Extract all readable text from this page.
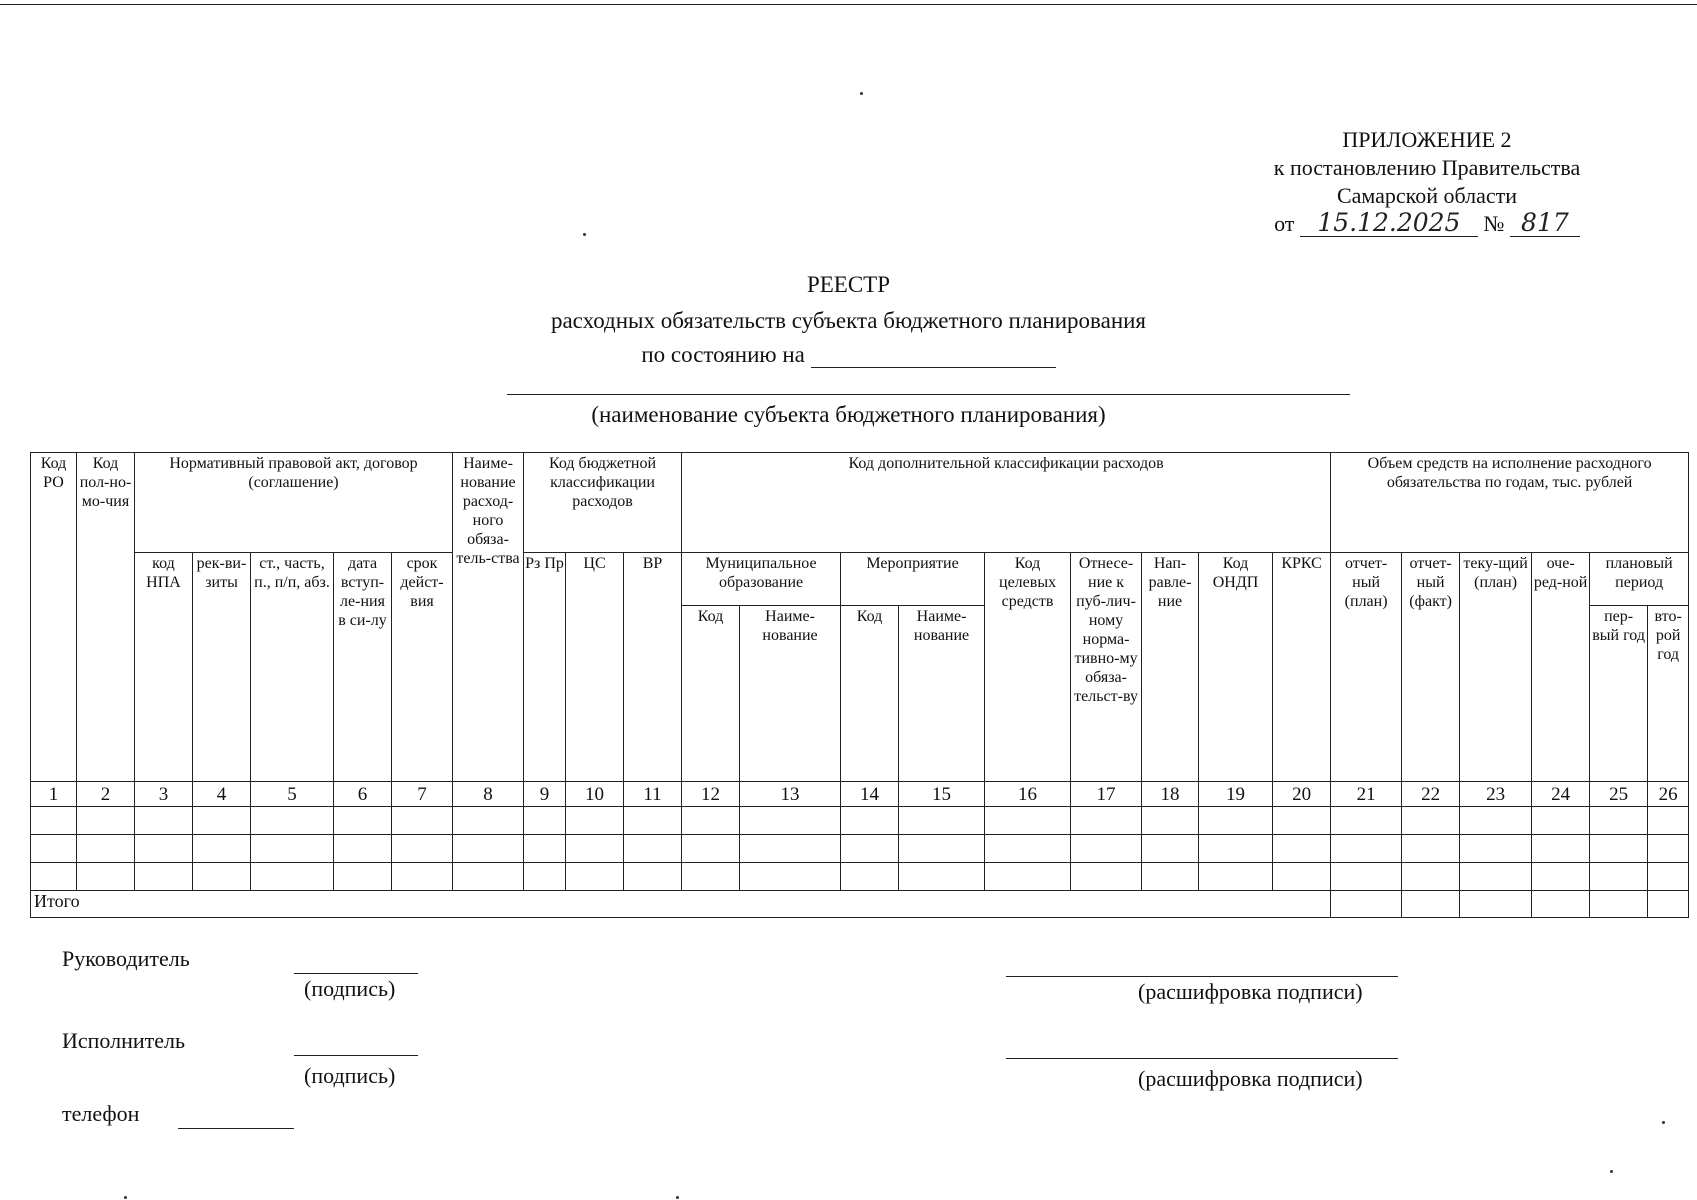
ПРИЛОЖЕНИЕ 2
к постановлению Правительства
Самарской области
от 15.12.2025 № 817
РЕЕСТР
расходных обязательств субъекта бюджетного планирования
по состоянию на
(наименование субъекта бюджетного планирования)
Код РО	Код пол-но-мо-чия	Нормативный правовой акт, договор (соглашение)					Наиме-нование расход-ного обяза-тель-ства	Код бюджетной классификации расходов			Код дополнительной классификации расходов									Объем средств на исполнение расходного обязательства по годам, тыс. рублей					
		код НПА	рек-ви-зиты	ст., часть, п., п/п, абз.	дата вступ-ле-ния в си-лу	срок дейст-вия		Рз Пр	ЦС	ВР	Муниципальное образование		Мероприятие		Код целевых средств	Отнесе-ние к пуб-лич-ному норма-тивно-му обяза-тельст-ву	Нап-равле-ние	Код ОНДП	КРКС	отчет-ный (план)	отчет-ный (факт)	теку-щий (план)	оче-ред-ной	плановый период	
											Код	Наиме-нование	Код	Наиме-нование										пер-вый год	вто-рой год
1	2	3	4	5	6	7	8	9	10	11	12	13	14	15	16	17	18	19	20	21	22	23	24	25	26

Итого																									
Руководитель
(подпись)	(расшифровка подписи)
Исполнитель
(подпись)	(расшифровка подписи)
телефон
